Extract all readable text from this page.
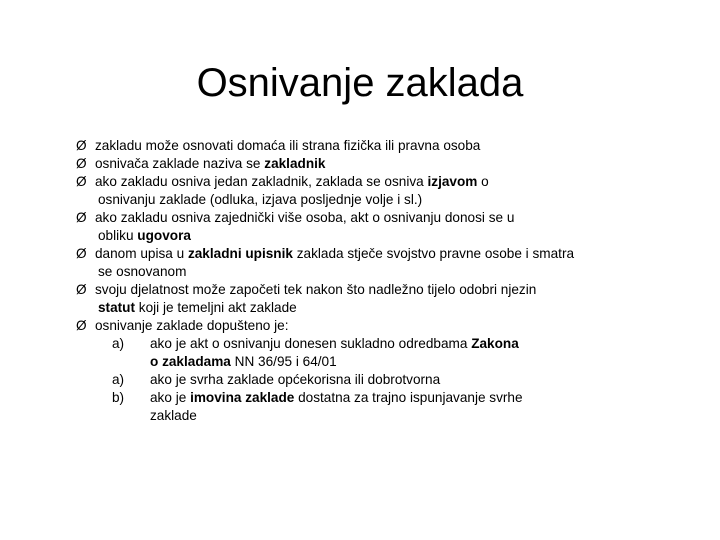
Osnivanje zaklada
Ø zakladu može osnovati domaća ili strana fizička ili pravna osoba
Ø osnivača zaklade naziva se zakladnik
Ø ako zakladu osniva jedan zakladnik, zaklada se osniva izjavom o
osnivanju zaklade (odluka, izjava posljednje volje i sl.)
Ø ako zakladu osniva zajednički više osoba, akt o osnivanju donosi se u
obliku ugovora
Ø danom upisa u zakladni upisnik zaklada stječe svojstvo pravne osobe i smatra
se osnovanom
Ø svoju djelatnost može započeti tek nakon što nadležno tijelo odobri njezin
statut koji je temeljni akt zaklade
Ø osnivanje zaklade dopušteno je:
a) ako je akt o osnivanju donesen sukladno odredbama Zakona
o zakladama NN 36/95 i 64/01
a) ako je svrha zaklade općekorisna ili dobrotvorna
b) ako je imovina zaklade dostatna za trajno ispunjavanje svrhe
zaklade
